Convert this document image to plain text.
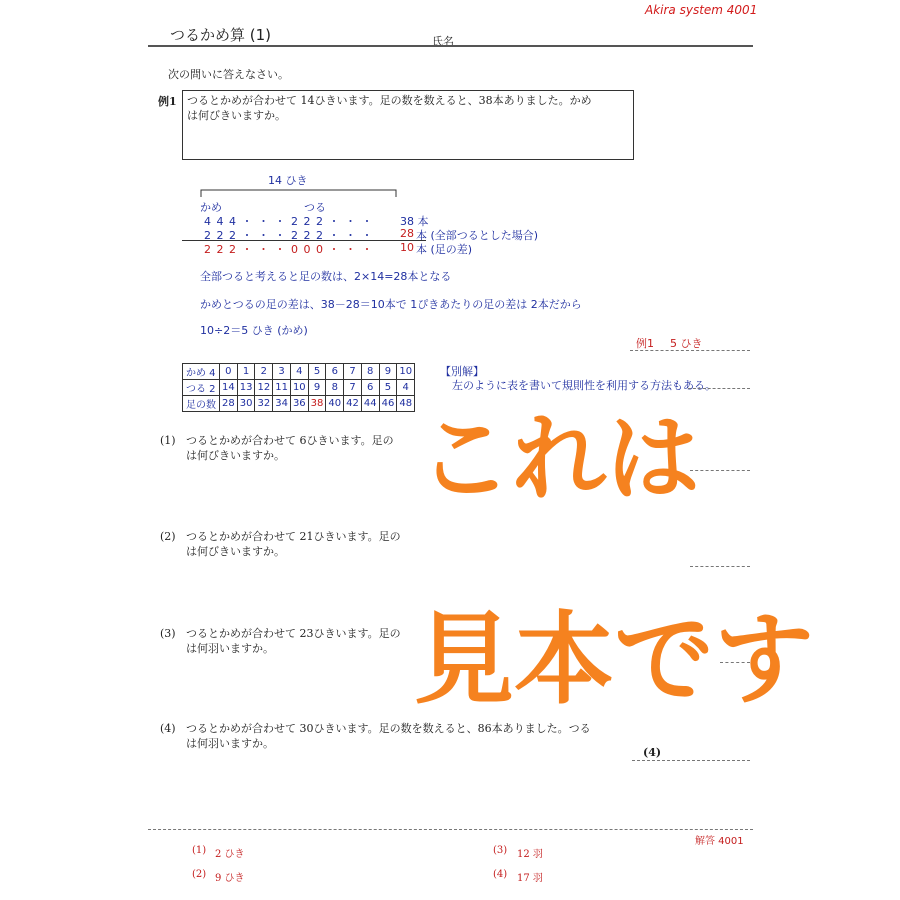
Akira system 4001
つるかめ算 (1)	氏名
次の問いに答えなさい。
例1 つるとかめが合わせて 14ひきいます。足の数を数えると、38本ありました。かめ
は何びきいますか。
14 ひき
かめ	つる
4 4 4 ・ ・ ・ 2 2 2 ・ ・ ・ 38 本
2 2 2 ・ ・ ・ 2 2 2 ・ ・ ・ 28 本 (全部つるとした場合)
2 2 2 ・ ・ ・ 0 0 0 ・ ・ ・ 10 本 (足の差)
全部つると考えると足の数は、2×14=28本となる
かめとつるの足の差は、38－28＝10本で 1ぴきあたりの足の差は 2本だから
10÷2＝5 ひき (かめ)
例1 5 ひき
かめ 4	0	1	2	3	4	5	6	7	8	9	10
つる 2	14	13	12	11	10	9	8	7	6	5	4
足の数	28	30	32	34	36	38	40	42	44	46	48
【別解】
左のように表を書いて規則性を利用する方法もある。
(1) つるとかめが合わせて 6ひきいます。足の
は何びきいますか。
(2) つるとかめが合わせて 21ひきいます。足の
は何びきいますか。
(3) つるとかめが合わせて 23ひきいます。足の
は何羽いますか。
(4) つるとかめが合わせて 30ひきいます。足の数を数えると、86本ありました。つる
は何羽いますか。
(4)
これは
見本です
解答 4001
(1) 2 ひき
(2) 9 ひき
(3) 12 羽
(4) 17 羽
